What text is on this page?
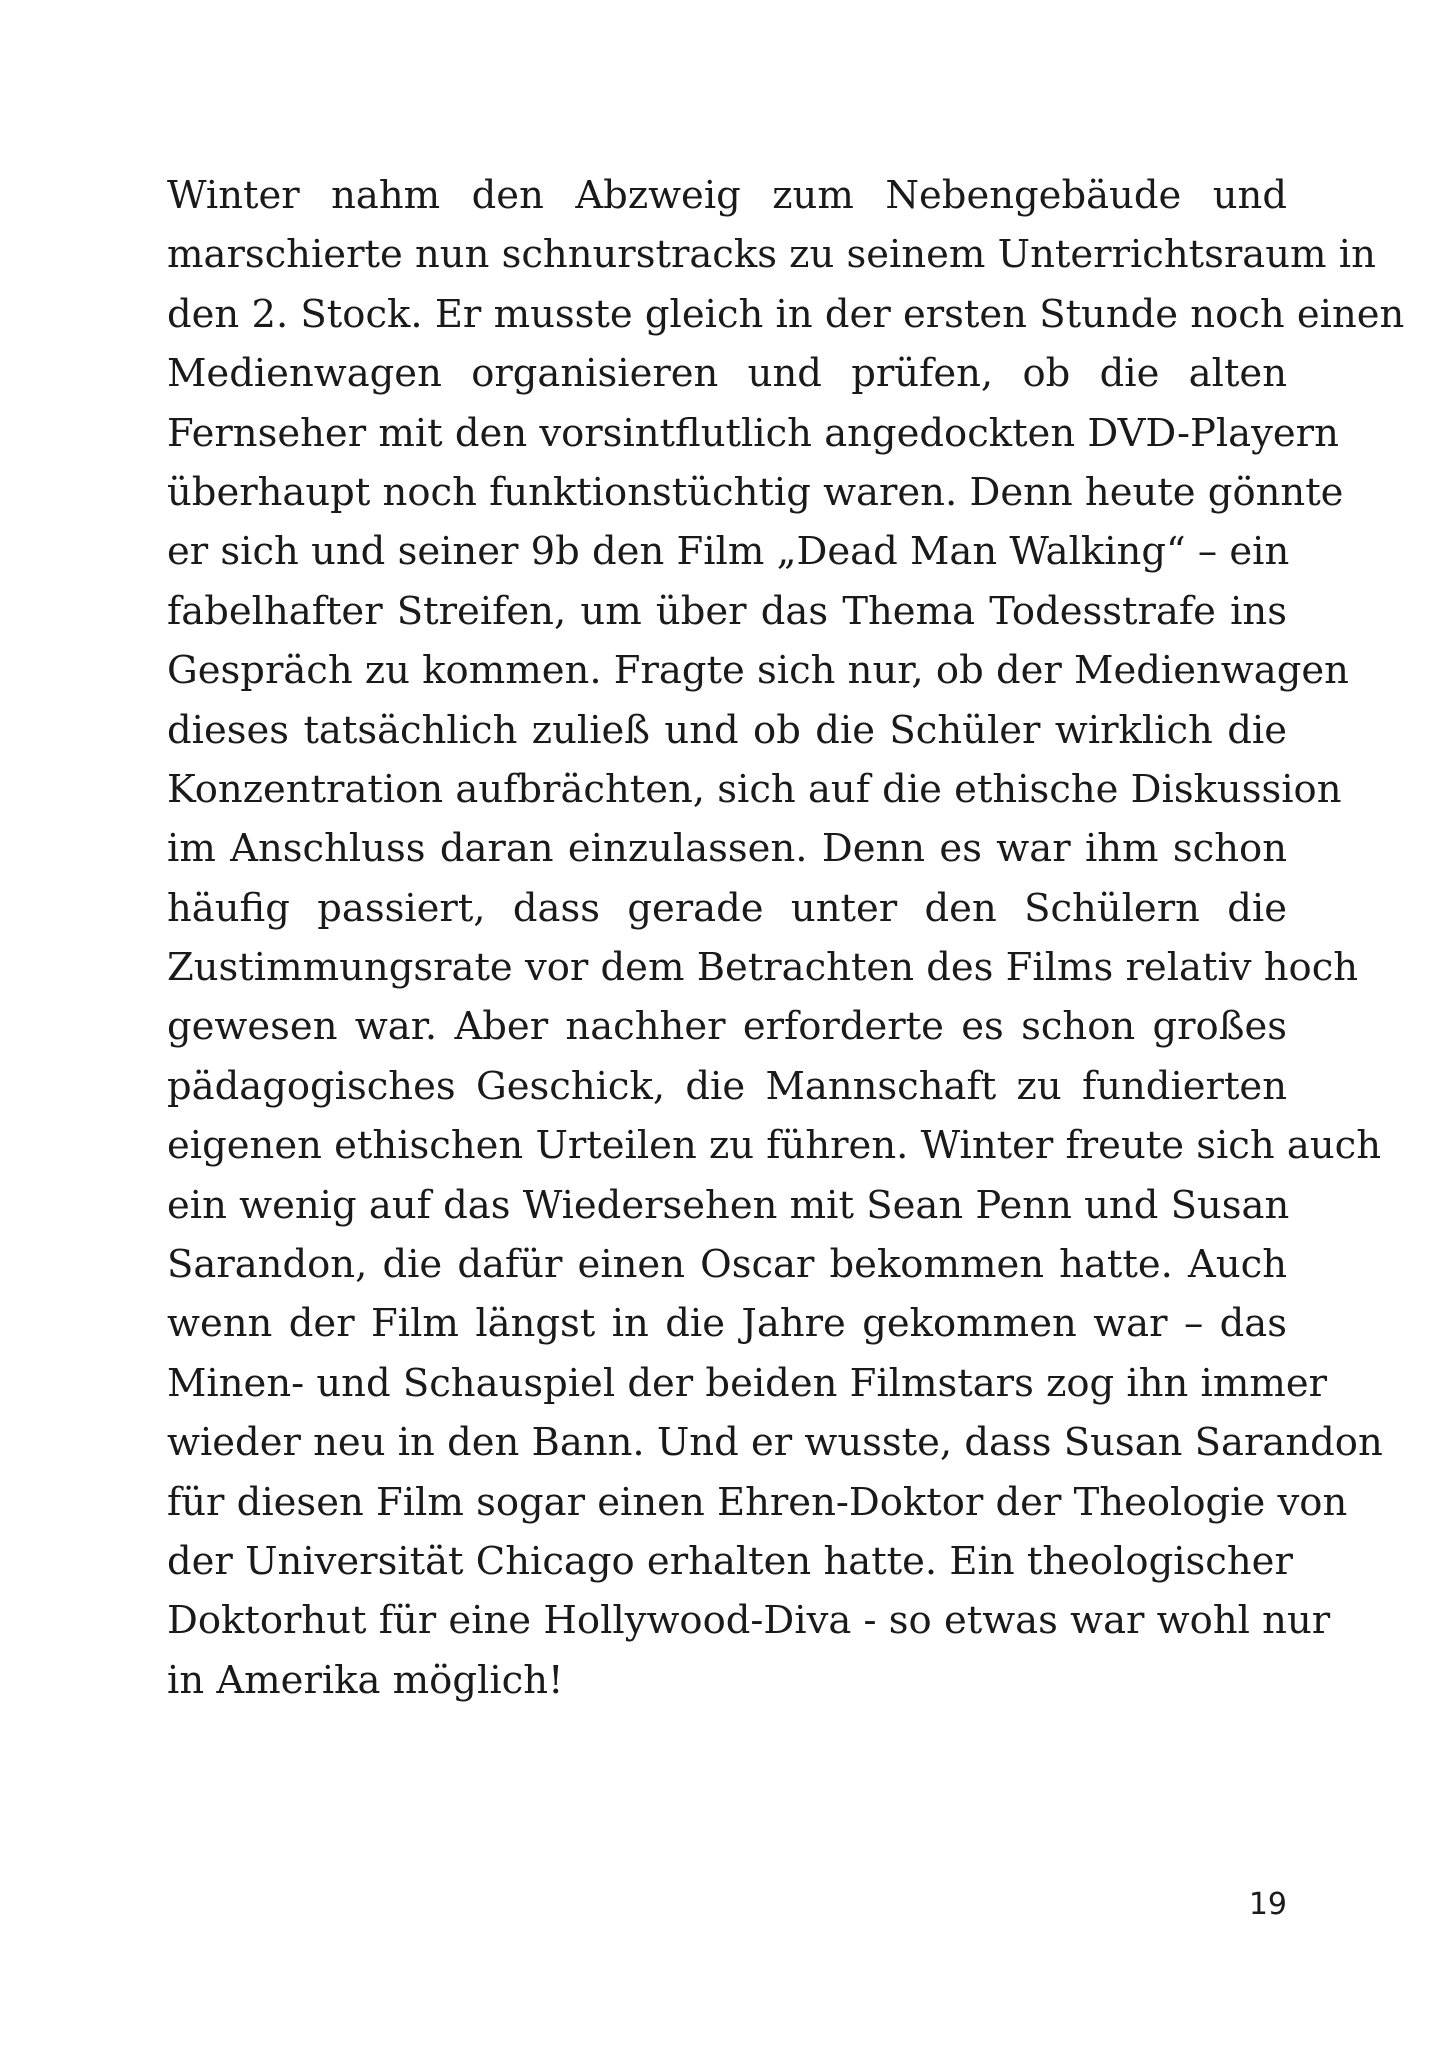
Winter nahm den Abzweig zum Nebengebäude und
marschierte nun schnurstracks zu seinem Unterrichtsraum in
den 2. Stock. Er musste gleich in der ersten Stunde noch einen
Medienwagen organisieren und prüfen, ob die alten
Fernseher mit den vorsintflutlich angedockten DVD-Playern
überhaupt noch funktionstüchtig waren. Denn heute gönnte
er sich und seiner 9b den Film „Dead Man Walking“ – ein
fabelhafter Streifen, um über das Thema Todesstrafe ins
Gespräch zu kommen. Fragte sich nur, ob der Medienwagen
dieses tatsächlich zuließ und ob die Schüler wirklich die
Konzentration aufbrächten, sich auf die ethische Diskussion
im Anschluss daran einzulassen. Denn es war ihm schon
häufig passiert, dass gerade unter den Schülern die
Zustimmungsrate vor dem Betrachten des Films relativ hoch
gewesen war. Aber nachher erforderte es schon großes
pädagogisches Geschick, die Mannschaft zu fundierten
eigenen ethischen Urteilen zu führen. Winter freute sich auch
ein wenig auf das Wiedersehen mit Sean Penn und Susan
Sarandon, die dafür einen Oscar bekommen hatte. Auch
wenn der Film längst in die Jahre gekommen war – das
Minen- und Schauspiel der beiden Filmstars zog ihn immer
wieder neu in den Bann. Und er wusste, dass Susan Sarandon
für diesen Film sogar einen Ehren-Doktor der Theologie von
der Universität Chicago erhalten hatte. Ein theologischer
Doktorhut für eine Hollywood-Diva - so etwas war wohl nur
in Amerika möglich!

19
